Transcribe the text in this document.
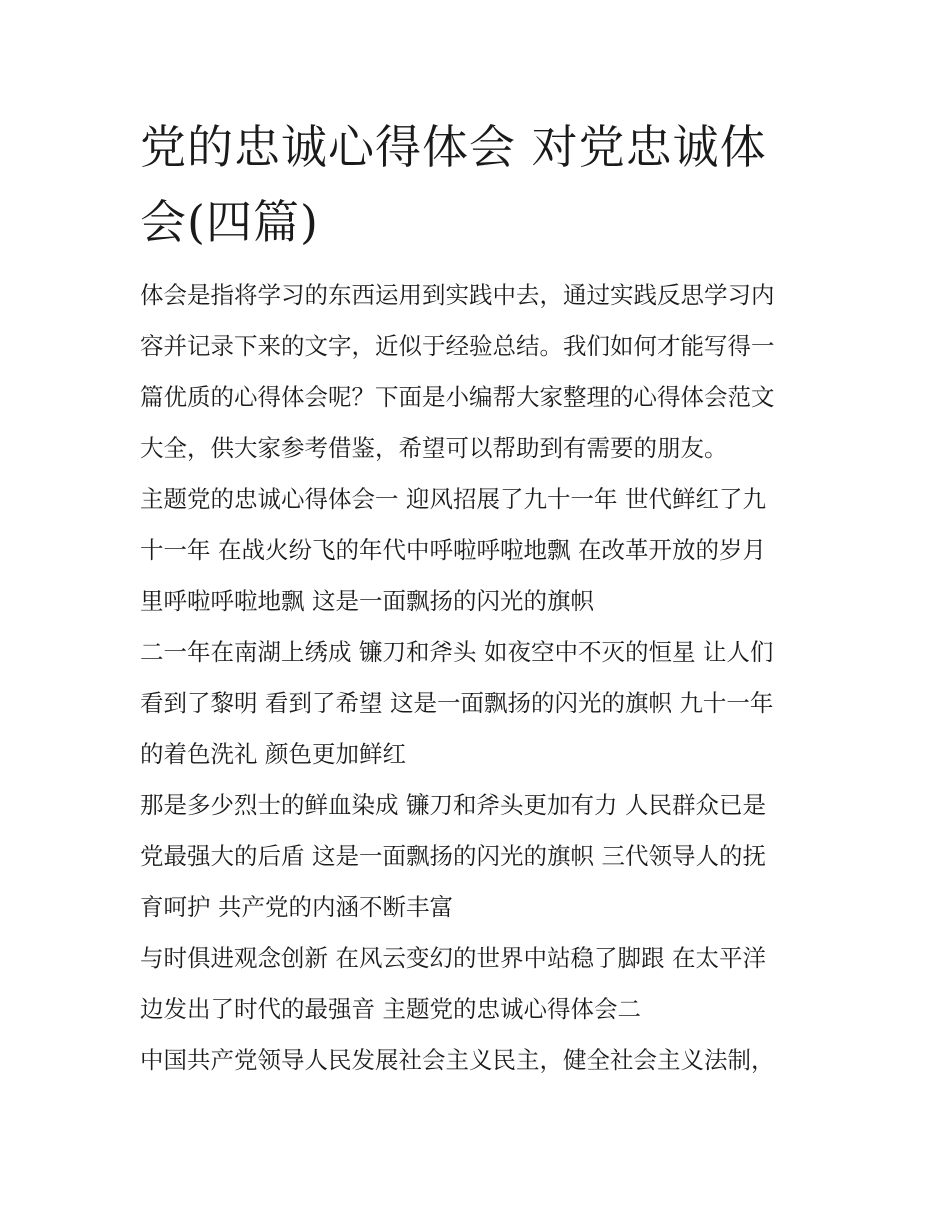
党的忠诚心得体会 对党忠诚体
会(四篇)

体会是指将学习的东西运用到实践中去，通过实践反思学习内
容并记录下来的文字，近似于经验总结。我们如何才能写得一
篇优质的心得体会呢？下面是小编帮大家整理的心得体会范文
大全，供大家参考借鉴，希望可以帮助到有需要的朋友。

主题党的忠诚心得体会一 迎风招展了九十一年 世代鲜红了九
十一年 在战火纷飞的年代中呼啦呼啦地飘 在改革开放的岁月
里呼啦呼啦地飘 这是一面飘扬的闪光的旗帜

二一年在南湖上绣成 镰刀和斧头 如夜空中不灭的恒星 让人们
看到了黎明 看到了希望 这是一面飘扬的闪光的旗帜 九十一年
的着色洗礼 颜色更加鲜红

那是多少烈士的鲜血染成 镰刀和斧头更加有力 人民群众已是
党最强大的后盾 这是一面飘扬的闪光的旗帜 三代领导人的抚
育呵护 共产党的内涵不断丰富

与时俱进观念创新 在风云变幻的世界中站稳了脚跟 在太平洋
边发出了时代的最强音 主题党的忠诚心得体会二

中国共产党领导人民发展社会主义民主，健全社会主义法制，
